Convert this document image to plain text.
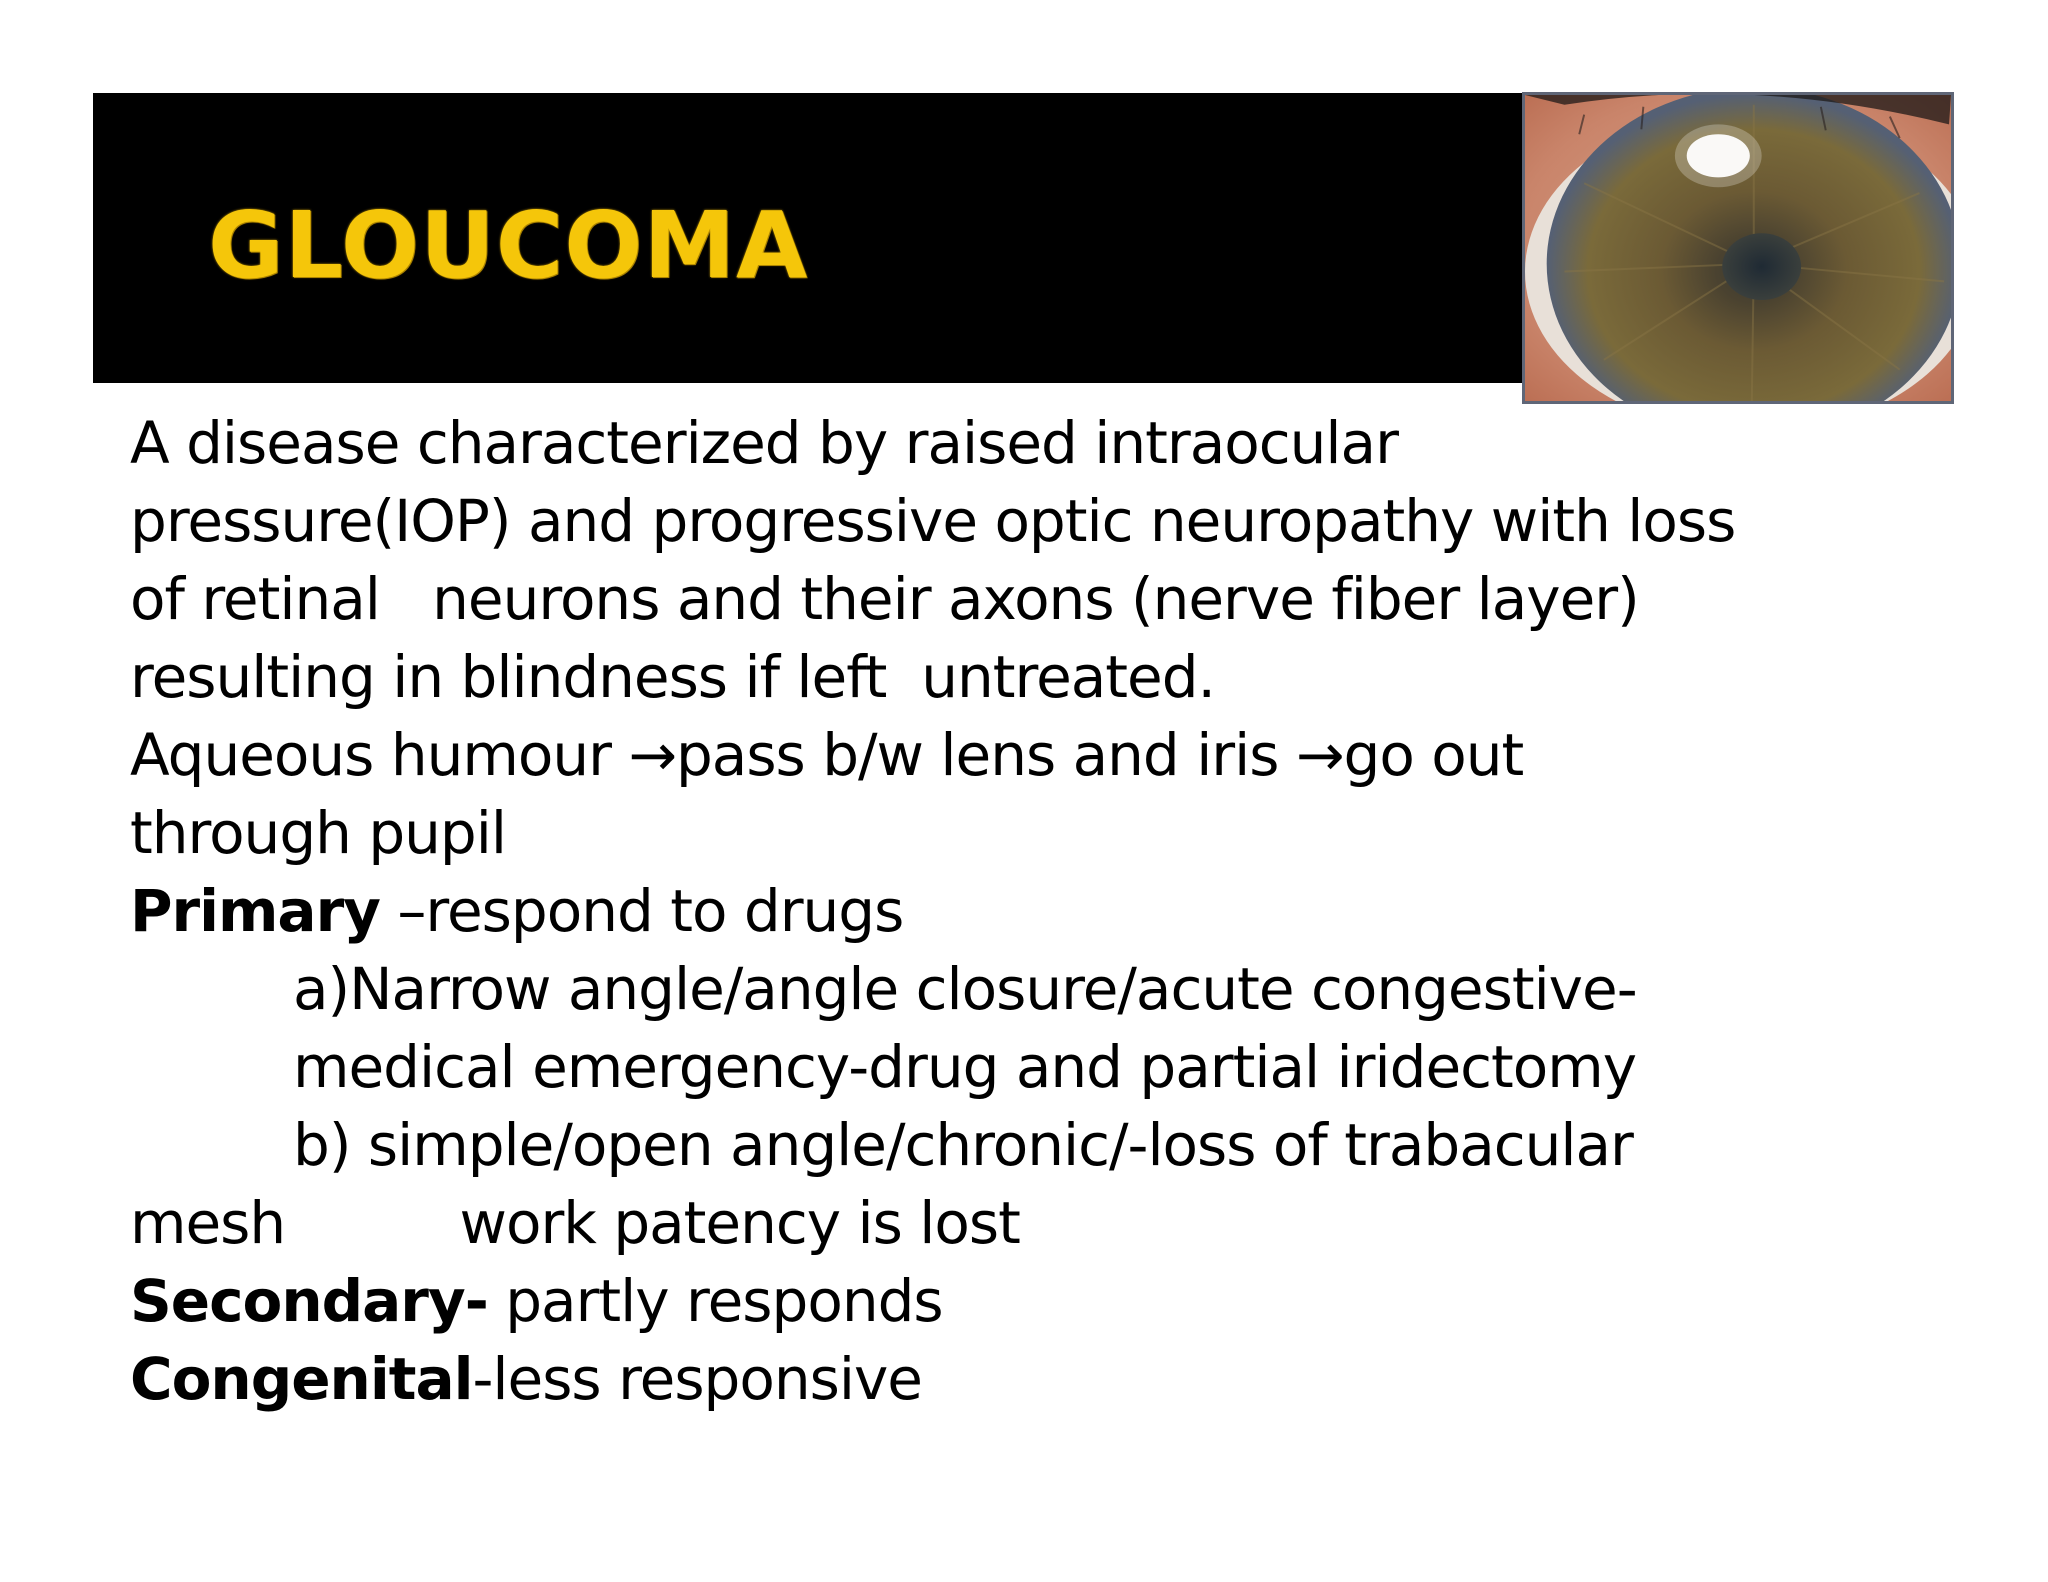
GLOUCOMA
A disease characterized by raised intraocular
pressure(IOP) and progressive optic neuropathy with loss
of retinal   neurons and their axons (nerve fiber layer)
resulting in blindness if left  untreated.
Aqueous humour →pass b/w lens and iris →go out
through pupil
Primary –respond to drugs
a)Narrow angle/angle closure/acute congestive-
medical emergency-drug and partial iridectomy
b) simple/open angle/chronic/-loss of trabacular
mesh          work patency is lost
Secondary- partly responds
Congenital-less responsive
